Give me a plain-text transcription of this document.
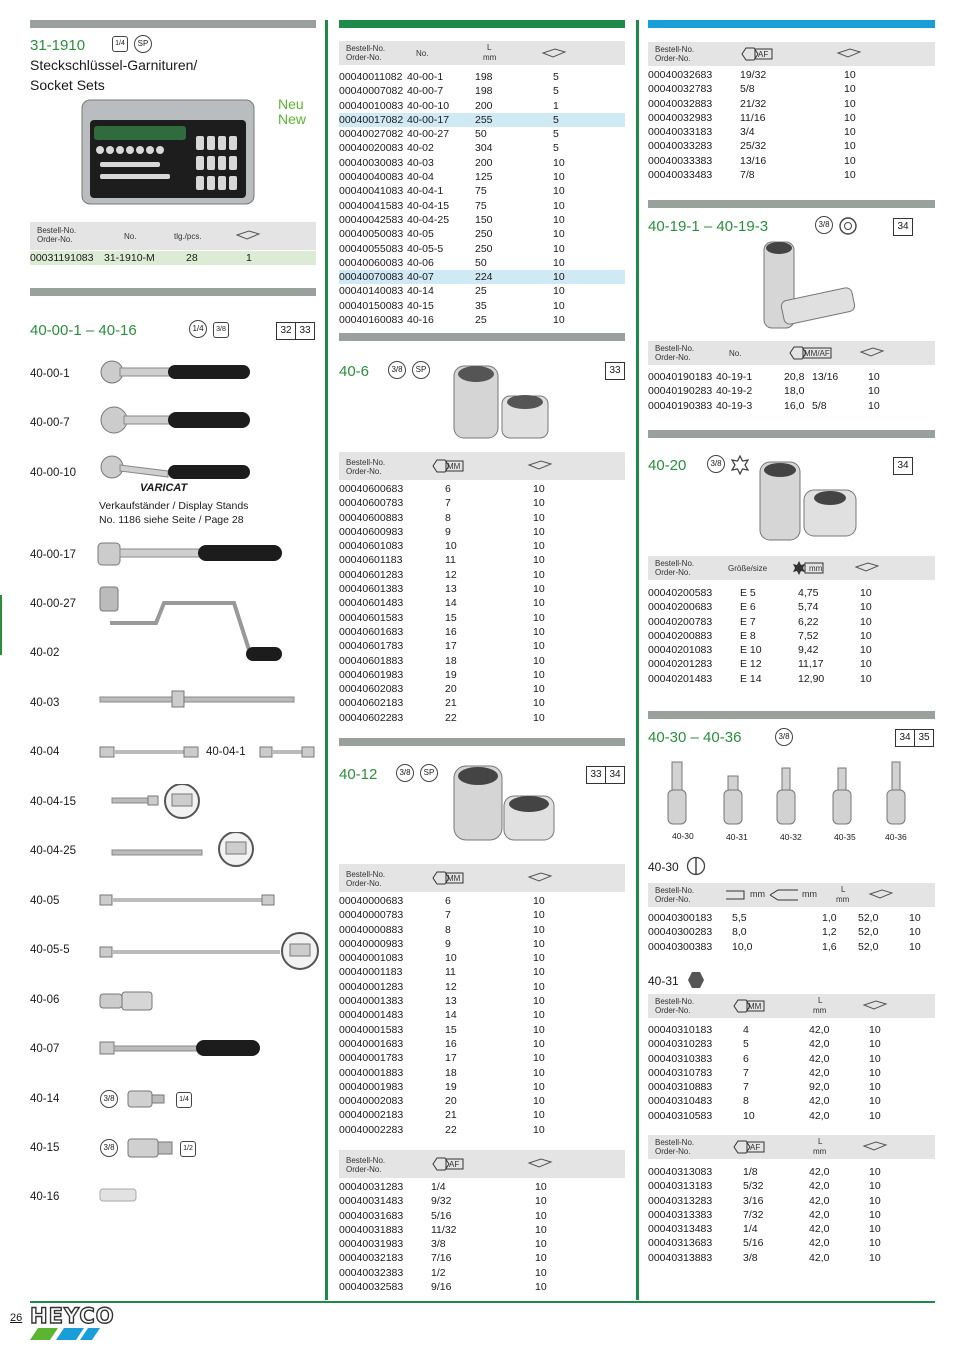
31-1910	1/4	SP
Steckschlüssel-Garnituren/
Socket Sets
Neu
New
Bestell-No.
Order-No.	No.	tlg./pcs.
00031191083 31-1910-M	28	1
40-00-1 – 40-16	1/4	3/8	32 33
40-00-1
40-00-7
40-00-10
40-00-17
40-00-27
40-02
40-03
40-04
40-04-15
40-04-25
40-05
40-05-5
40-06
40-07
40-14
40-15
40-16
40-04-1
VARICAT
Verkaufständer / Display Stands
No. 1186 siehe Seite / Page 28
3/8	1/4
3/8	1/2
Bestell-No.
Order-No.	No.
L
mm
00040011082	40-00-1	198	5
00040007082	40-00-7	198	5
00040010083	40-00-10	200	1
00040017082	40-00-17	255	5
00040027082	40-00-27	50	5
00040020083	40-02	304	5
00040030083	40-03	200	10
00040040083	40-04	125	10
00040041083	40-04-1	75	10
00040041583	40-04-15	75	10
00040042583	40-04-25	150	10
00040050083	40-05	250	10
00040055083	40-05-5	250	10
00040060083	40-06	50	10
00040070083	40-07	224	10
00040140083	40-14	25	10
00040150083	40-15	35	10
00040160083	40-16	25	10
40-6	3/8	SP	33
Bestell-No.
Order-No.
MM
00040600683	6	10
00040600783	7	10
00040600883	8	10
00040600983	9	10
00040601083	10	10
00040601183	11	10
00040601283	12	10
00040601383	13	10
00040601483	14	10
00040601583	15	10
00040601683	16	10
00040601783	17	10
00040601883	18	10
00040601983	19	10
00040602083	20	10
00040602183	21	10
00040602283	22	10
40-12	3/8	SP	33 34
Bestell-No.
Order-No.
MM
00040000683	6	10
00040000783	7	10
00040000883	8	10
00040000983	9	10
00040001083	10	10
00040001183	11	10
00040001283	12	10
00040001383	13	10
00040001483	14	10
00040001583	15	10
00040001683	16	10
00040001783	17	10
00040001883	18	10
00040001983	19	10
00040002083	20	10
00040002183	21	10
00040002283	22	10
Bestell-No.
Order-No.
AF
00040031283	1/4	10
00040031483	9/32	10
00040031683	5/16	10
00040031883	11/32	10
00040031983	3/8	10
00040032183	7/16	10
00040032383	1/2	10
00040032583	9/16	10
Bestell-No.
Order-No.	AF
00040032683	19/32	10
00040032783	5/8	10
00040032883	21/32	10
00040032983	11/16	10
00040033183	3/4	10
00040033283	25/32	10
00040033383	13/16	10
00040033483	7/8	10
40-19-1 – 40-19-3	3/8	34
Bestell-No.
Order-No.	No.	MM/AF
00040190183	40-19-1	20,8	13/16	10
00040190283	40-19-2	18,0		10
00040190383	40-19-3	16,0	5/8	10
40-20	3/8	34
Bestell-No.
Order-No.	Größe/size	mm
00040200583	E 5	4,75	10
00040200683	E 6	5,74	10
00040200783	E 7	6,22	10
00040200883	E 8	7,52	10
00040201083	E 10	9,42	10
00040201283	E 12	11,17	10
00040201483	E 14	12,90	10
40-30 – 40-36	3/8	34 35
40-30	40-31	40-32	40-35	40-36
40-30
Bestell-No.
Order-No.
mm	mm	L
mm
00040300183	5,5	1,0	52,0	10
00040300283	8,0	1,2	52,0	10
00040300383	10,0	1,6	52,0	10
40-31
Bestell-No.
Order-No.	MM
L
mm
00040310183	4	42,0	10
00040310283	5	42,0	10
00040310383	6	42,0	10
00040310783	7	42,0	10
00040310883	7	92,0	10
00040310483	8	42,0	10
00040310583	10	42,0	10
Bestell-No.
Order-No.	AF
L
mm
00040313083	1/8	42,0	10
00040313183	5/32	42,0	10
00040313283	3/16	42,0	10
00040313383	7/32	42,0	10
00040313483	1/4	42,0	10
00040313683	5/16	42,0	10
00040313883	3/8	42,0	10
26 HEYCO
